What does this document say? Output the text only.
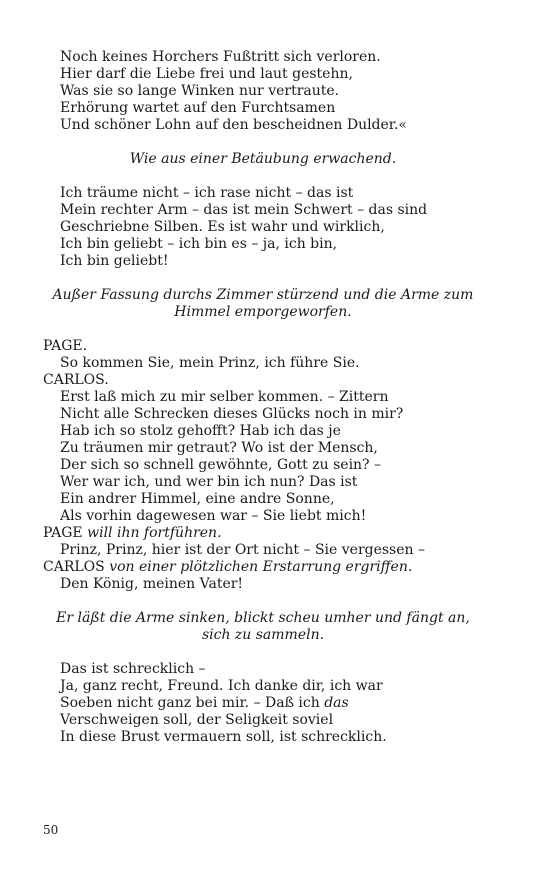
Noch keines Horchers Fußtritt sich verloren.

Hier darf die Liebe frei und laut gestehn,

Was sie so lange Winken nur vertraute.

Erhörung wartet auf den Furchtsamen

Und schöner Lohn auf den bescheidnen Dulder.«

Wie aus einer Betäubung erwachend.

Ich träume nicht – ich rase nicht – das ist

Mein rechter Arm – das ist mein Schwert – das sind

Geschriebne Silben. Es ist wahr und wirklich,

Ich bin geliebt – ich bin es – ja, ich bin,

Ich bin geliebt!

Außer Fassung durchs Zimmer stürzend und die Arme zum Himmel emporgeworfen.

PAGE.

So kommen Sie, mein Prinz, ich führe Sie.

CARLOS.

Erst laß mich zu mir selber kommen. – Zittern

Nicht alle Schrecken dieses Glücks noch in mir?

Hab ich so stolz gehofft? Hab ich das je

Zu träumen mir getraut? Wo ist der Mensch,

Der sich so schnell gewöhnte, Gott zu sein? –

Wer war ich, und wer bin ich nun? Das ist

Ein andrer Himmel, eine andre Sonne,

Als vorhin dagewesen war – Sie liebt mich!

PAGE will ihn fortführen.

Prinz, Prinz, hier ist der Ort nicht – Sie vergessen –

CARLOS von einer plötzlichen Erstarrung ergriffen.

Den König, meinen Vater!

Er läßt die Arme sinken, blickt scheu umher und fängt an, sich zu sammeln.

Das ist schrecklich –

Ja, ganz recht, Freund. Ich danke dir, ich war

Soeben nicht ganz bei mir. – Daß ich das

Verschweigen soll, der Seligkeit soviel

In diese Brust vermauern soll, ist schrecklich.

50
